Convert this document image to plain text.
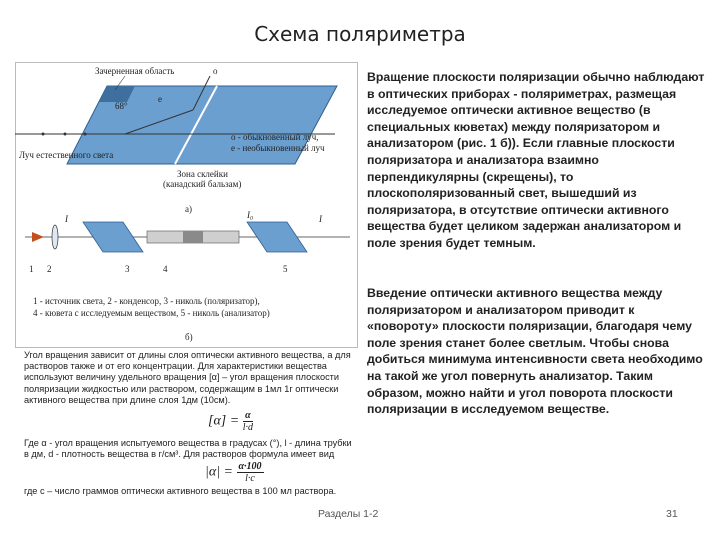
Схема поляриметра
Зачерненная область
68°
е
о
о - обыкновенный луч,
е - необыкновенный луч
Луч естественного света
Зона склейки
(канадский бальзам)
а)
I	I₀	I
1 2	3	4	5
1 - источник света, 2 - конденсор, 3 - николь (поляризатор),
4 - кювета с исследуемым веществом, 5 - николь (анализатор)
б)
Вращение плоскости поляризации обычно наблюдают в оптических приборах - поляриметрах, размещая исследуемое оптически активное вещество (в специальных кюветах) между поляризатором и анализатором (рис. 1 б)). Если главные плоскости поляризатора и анализатора взаимно перпендикулярны (скрещены), то плоскополяризованный свет, вышедший из поляризатора, в отсутствие оптически активного вещества будет целиком задержан анализатором и поле зрения будет темным.
Введение оптически активного вещества между поляризатором и анализатором приводит к «повороту» плоскости поляризации, благодаря чему поле зрения станет более светлым. Чтобы снова добиться минимума интенсивности света необходимо на такой же угол повернуть анализатор. Таким образом, можно найти и угол поворота плоскости поляризации в исследуемом веществе.
Угол вращения зависит от длины слоя оптически активного вещества, а для растворов также и от его концентрации. Для характеристики вещества используют величину удельного вращения [α] – угол вращения плоскости поляризации жидкостью или раствором, содержащим в 1мл 1г оптически активного вещества при длине слоя 1дм (10см).
$[\alpha] = \frac{\alpha}{l\cdot d}$
Где α - угол вращения испытуемого вещества в градусах (°), l - длина трубки в дм, d - плотность вещества в г/см³. Для растворов формула имеет вид
$|\alpha| = \frac{\alpha\cdot 100}{l\cdot c}$
где с – число граммов оптически активного вещества в 100 мл раствора.
Разделы 1-2	31
